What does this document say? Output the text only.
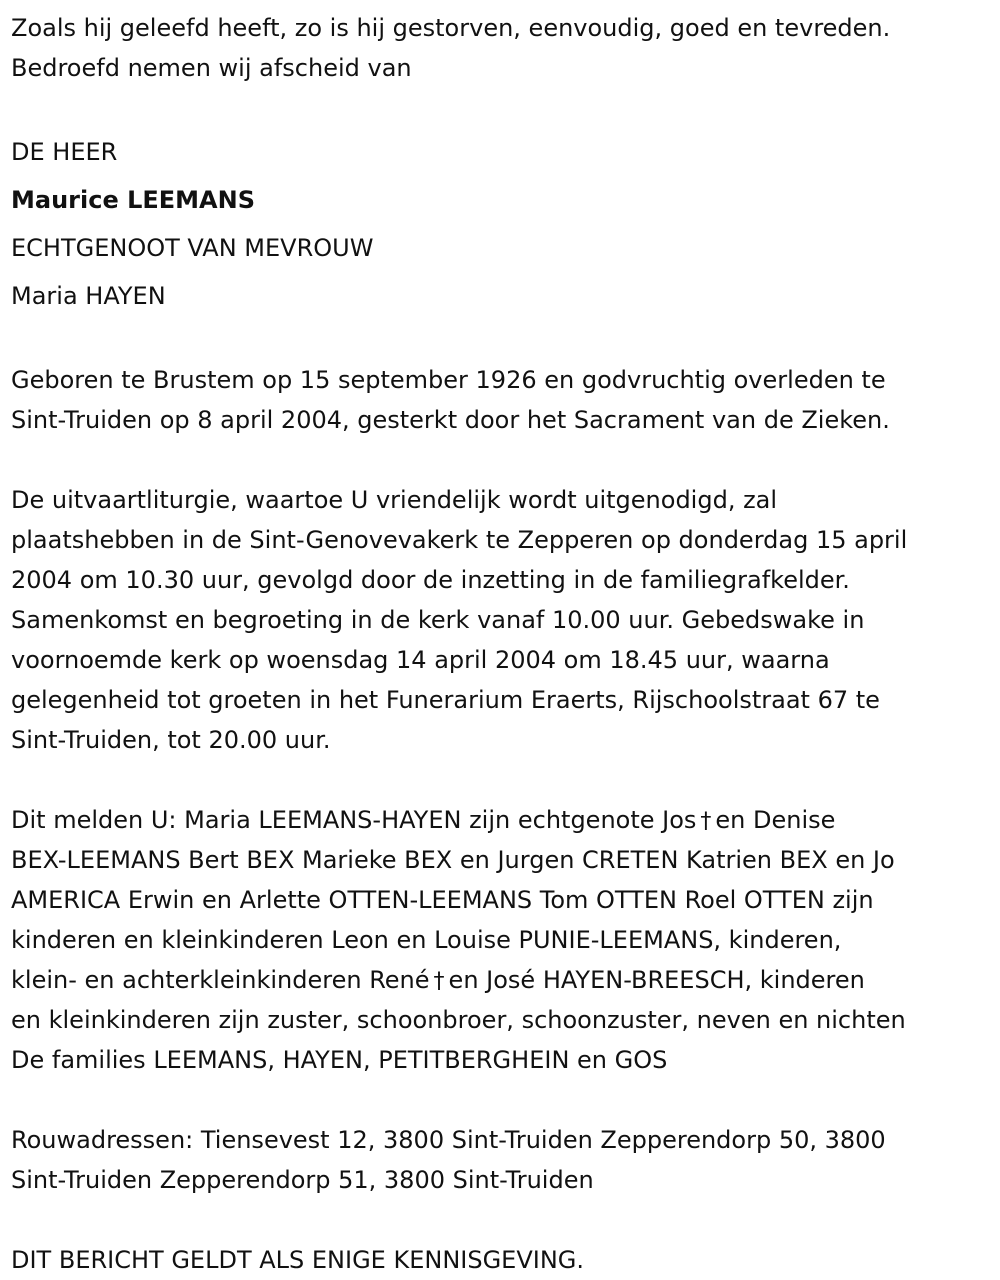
Zoals hij geleefd heeft, zo is hij gestorven, eenvoudig, goed en tevreden.
Bedroefd nemen wij afscheid van
DE HEER
Maurice LEEMANS
ECHTGENOOT VAN MEVROUW
Maria HAYEN
Geboren te Brustem op 15 september 1926 en godvruchtig overleden te
Sint-Truiden op 8 april 2004, gesterkt door het Sacrament van de Zieken.
De uitvaartliturgie, waartoe U vriendelijk wordt uitgenodigd, zal
plaatshebben in de Sint-Genovevakerk te Zepperen op donderdag 15 april
2004 om 10.30 uur, gevolgd door de inzetting in de familiegrafkelder.
Samenkomst en begroeting in de kerk vanaf 10.00 uur. Gebedswake in
voornoemde kerk op woensdag 14 april 2004 om 18.45 uur, waarna
gelegenheid tot groeten in het Funerarium Eraerts, Rijschoolstraat 67 te
Sint-Truiden, tot 20.00 uur.
Dit melden U: Maria LEEMANS-HAYEN zijn echtgenote Jos † en Denise
BEX-LEEMANS Bert BEX Marieke BEX en Jurgen CRETEN Katrien BEX en Jo
AMERICA Erwin en Arlette OTTEN-LEEMANS Tom OTTEN Roel OTTEN zijn
kinderen en kleinkinderen Leon en Louise PUNIE-LEEMANS, kinderen,
klein- en achterkleinkinderen René † en José HAYEN-BREESCH, kinderen
en kleinkinderen zijn zuster, schoonbroer, schoonzuster, neven en nichten
De families LEEMANS, HAYEN, PETITBERGHEIN en GOS
Rouwadressen: Tiensevest 12, 3800 Sint-Truiden Zepperendorp 50, 3800
Sint-Truiden Zepperendorp 51, 3800 Sint-Truiden
DIT BERICHT GELDT ALS ENIGE KENNISGEVING.
